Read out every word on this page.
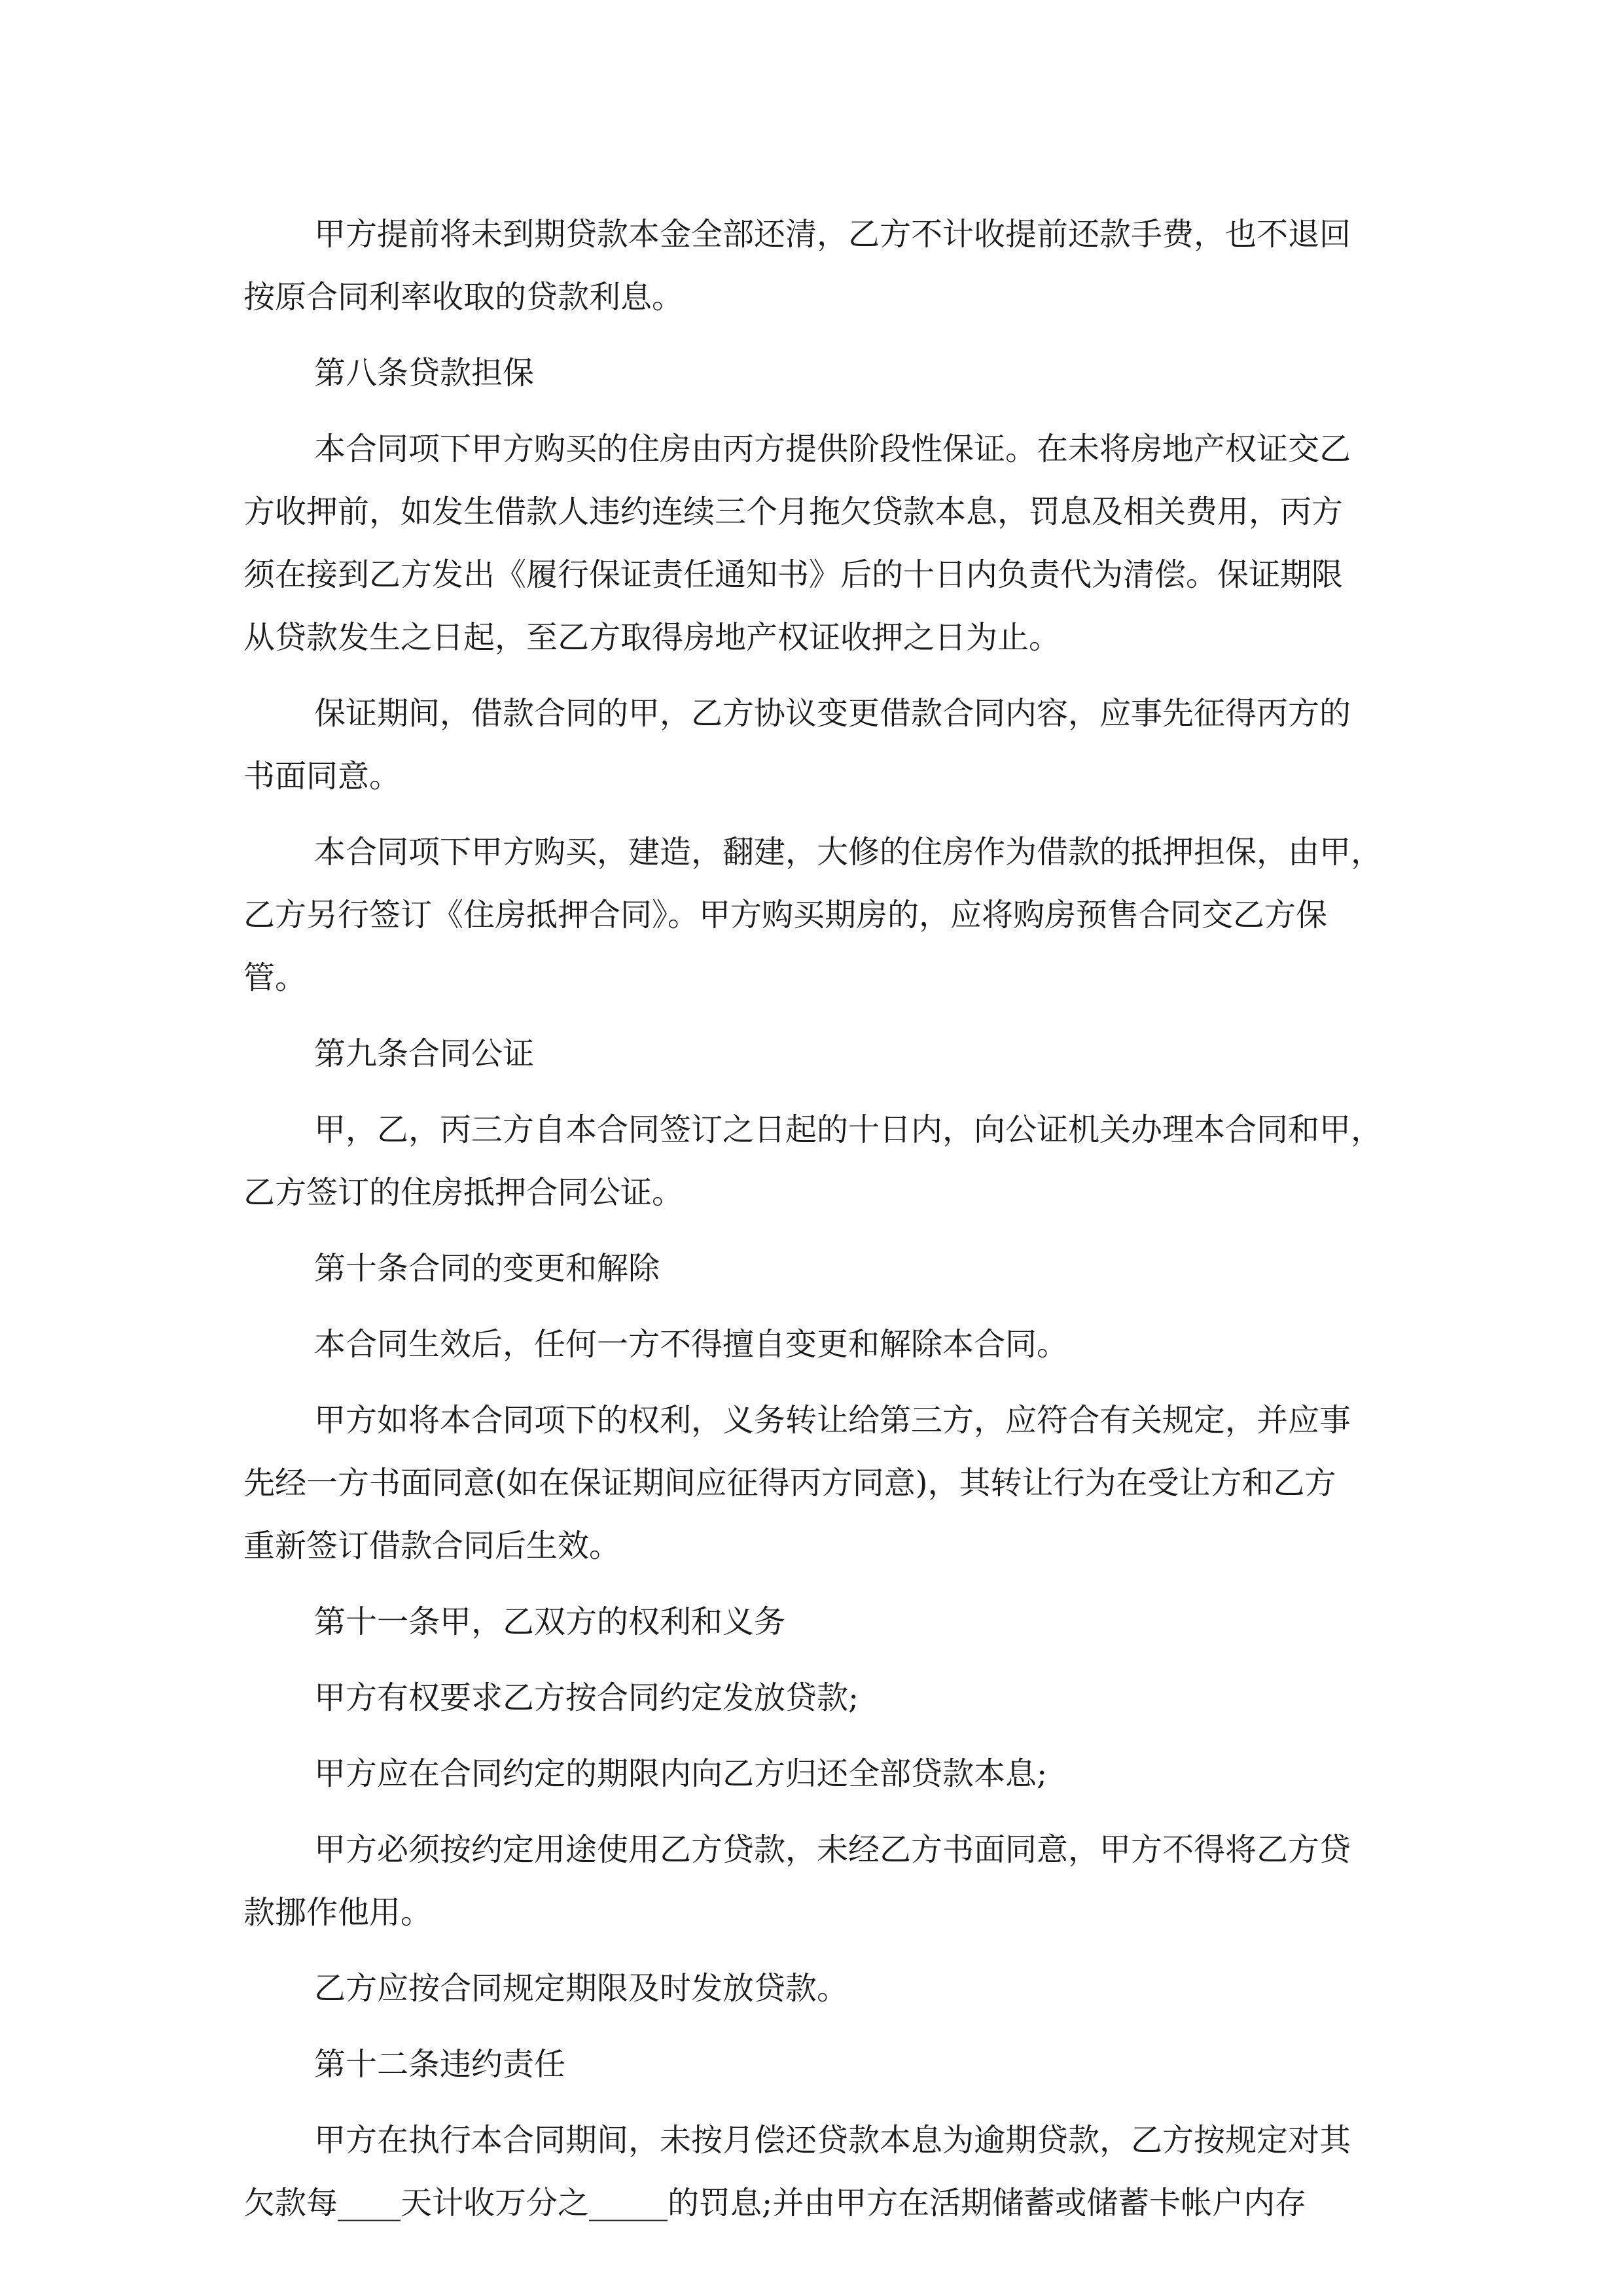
甲方提前将未到期贷款本金全部还清，乙方不计收提前还款手费，也不退回
按原合同利率收取的贷款利息。
第八条贷款担保
本合同项下甲方购买的住房由丙方提供阶段性保证。在未将房地产权证交乙
方收押前，如发生借款人违约连续三个月拖欠贷款本息，罚息及相关费用，丙方
须在接到乙方发出《履行保证责任通知书》后的十日内负责代为清偿。保证期限
从贷款发生之日起，至乙方取得房地产权证收押之日为止。
保证期间，借款合同的甲，乙方协议变更借款合同内容，应事先征得丙方的
书面同意。
本合同项下甲方购买，建造，翻建，大修的住房作为借款的抵押担保，由甲，
乙方另行签订《住房抵押合同》。甲方购买期房的，应将购房预售合同交乙方保
管。
第九条合同公证
甲，乙，丙三方自本合同签订之日起的十日内，向公证机关办理本合同和甲，
乙方签订的住房抵押合同公证。
第十条合同的变更和解除
本合同生效后，任何一方不得擅自变更和解除本合同。
甲方如将本合同项下的权利，义务转让给第三方，应符合有关规定，并应事
先经一方书面同意(如在保证期间应征得丙方同意)，其转让行为在受让方和乙方
重新签订借款合同后生效。
第十一条甲，乙双方的权利和义务
甲方有权要求乙方按合同约定发放贷款;
甲方应在合同约定的期限内向乙方归还全部贷款本息;
甲方必须按约定用途使用乙方贷款，未经乙方书面同意，甲方不得将乙方贷
款挪作他用。
乙方应按合同规定期限及时发放贷款。
第十二条违约责任
甲方在执行本合同期间，未按月偿还贷款本息为逾期贷款，乙方按规定对其
欠款每____天计收万分之_____的罚息;并由甲方在活期储蓄或储蓄卡帐户内存
